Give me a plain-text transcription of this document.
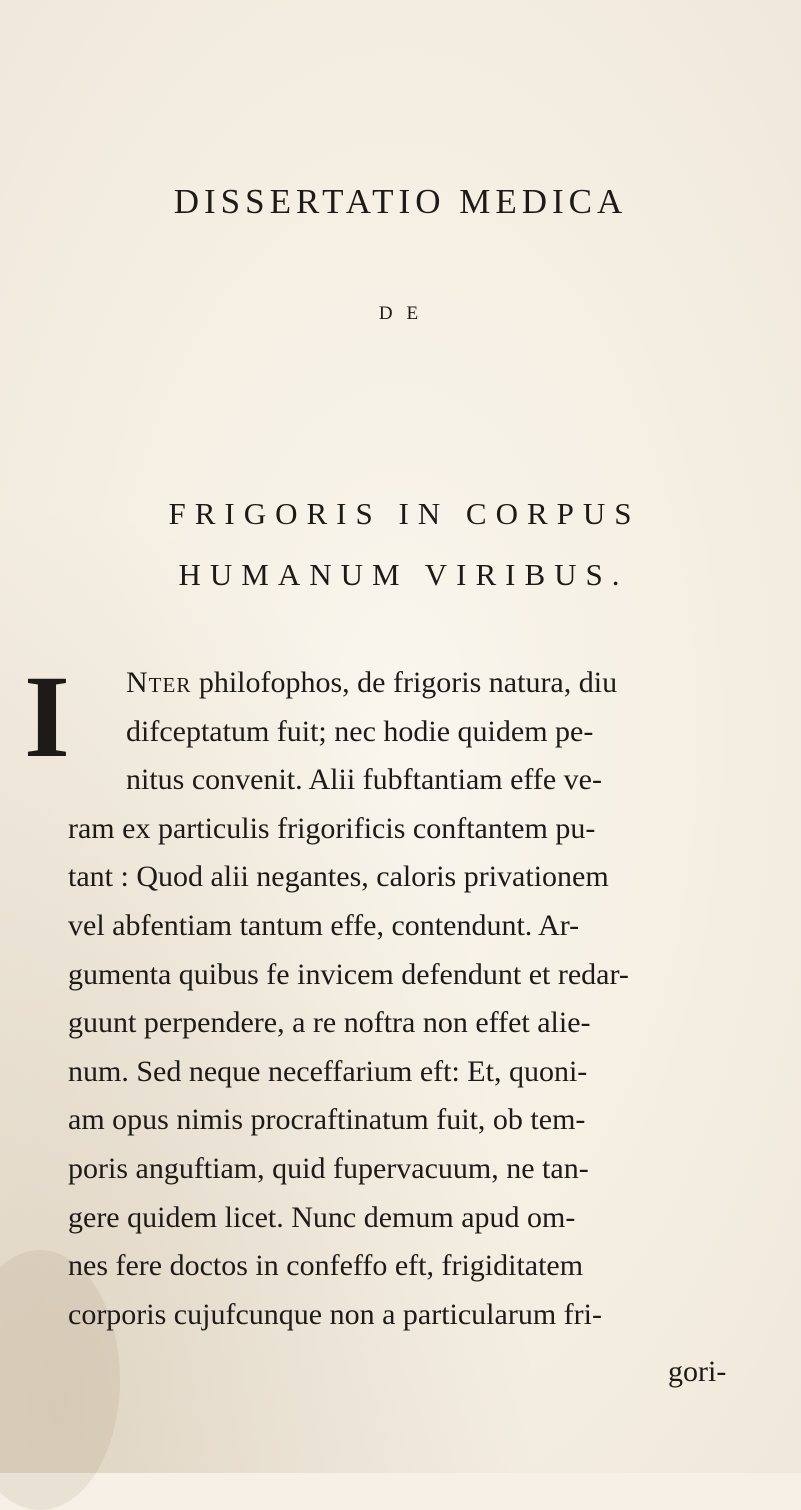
DISSERTATIO MEDICA
DE
FRIGORIS IN CORPUS
HUMANUM VIRIBUS.
I	Nter philofophos, de frigoris natura, diu
difceptatum fuit; nec hodie quidem pe-
nitus convenit. Alii fubftantiam effe ve-
ram ex particulis frigorificis conftantem pu-
tant : Quod alii negantes, caloris privationem
vel abfentiam tantum effe, contendunt. Ar-
gumenta quibus fe invicem defendunt et redar-
guunt perpendere, a re noftra non effet alie-
num. Sed neque neceffarium eft: Et, quoni-
am opus nimis procraftinatum fuit, ob tem-
poris anguftiam, quid fupervacuum, ne tan-
gere quidem licet. Nunc demum apud om-
nes fere doctos in confeffo eft, frigiditatem
corporis cujufcunque non a particularum fri-
gori-
